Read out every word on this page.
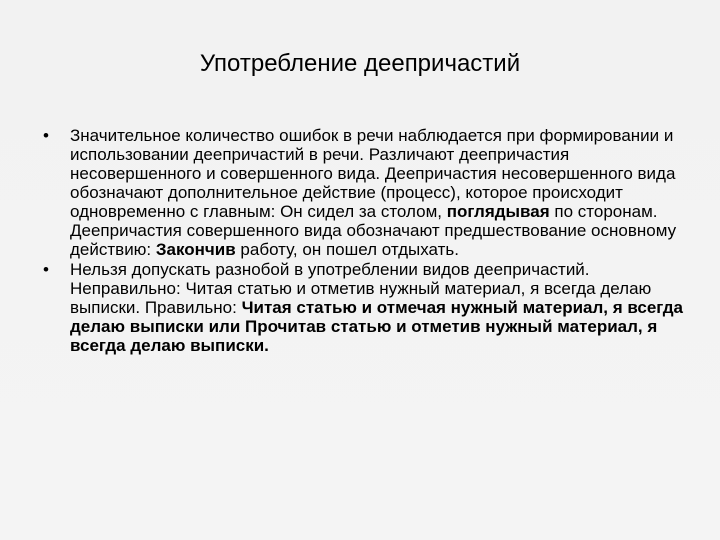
Употребление деепричастий
• Значительное количество ошибок в речи наблюдается при формировании и использовании деепричастий в речи. Различают деепричастия несовершенного и совершенного вида. Деепричастия несовершенного вида обозначают дополнительное действие (процесс), которое происходит одновременно с главным: Он сидел за столом, поглядывая по сторонам. Деепричастия совершенного вида обозначают предшествование основному действию: Закончив работу, он пошел отдыхать.
• Нельзя допускать разнобой в употреблении видов деепричастий. Неправильно: Читая статью и отметив нужный материал, я всегда делаю выписки. Правильно: Читая статью и отмечая нужный материал, я всегда делаю выписки или Прочитав статью и отметив нужный материал, я всегда делаю выписки.
